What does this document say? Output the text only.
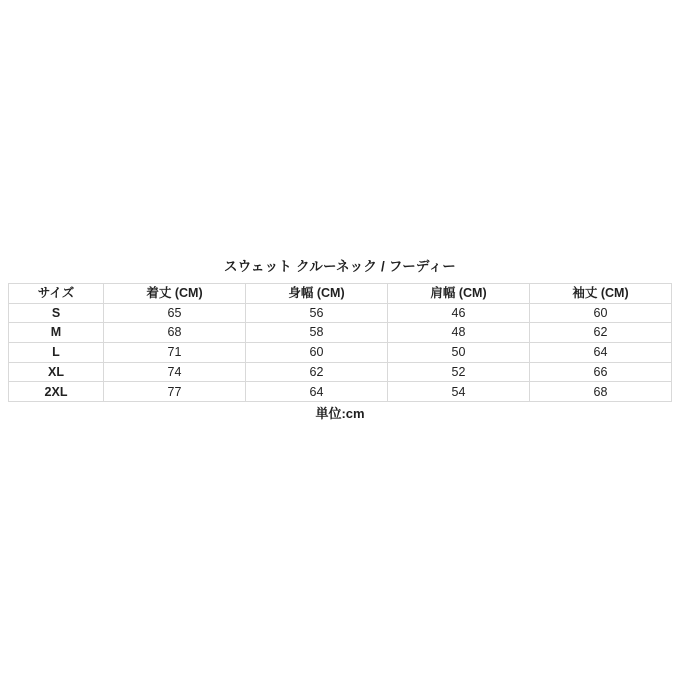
スウェット クルーネック / フーディー
サイズ	着丈 (CM)	身幅 (CM)	肩幅 (CM)	袖丈 (CM)
S	65	56	46	60
M	68	58	48	62
L	71	60	50	64
XL	74	62	52	66
2XL	77	64	54	68
単位:cm
